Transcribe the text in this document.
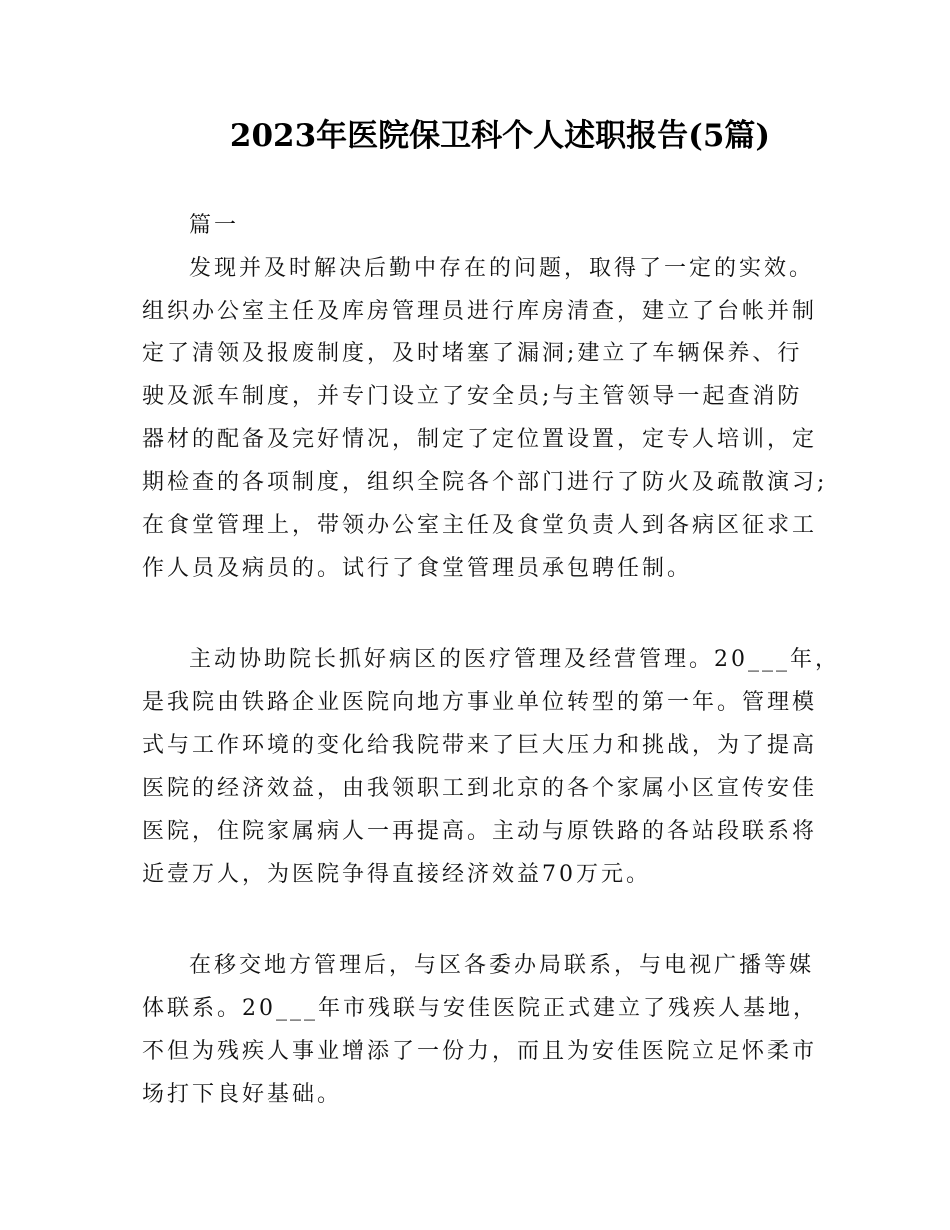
2023年医院保卫科个人述职报告(5篇)
篇一
发现并及时解决后勤中存在的问题，取得了一定的实效。
组织办公室主任及库房管理员进行库房清查，建立了台帐并制
定了清领及报废制度，及时堵塞了漏洞;建立了车辆保养、行
驶及派车制度，并专门设立了安全员;与主管领导一起查消防
器材的配备及完好情况，制定了定位置设置，定专人培训，定
期检查的各项制度，组织全院各个部门进行了防火及疏散演习;
在食堂管理上，带领办公室主任及食堂负责人到各病区征求工
作人员及病员的。试行了食堂管理员承包聘任制。
主动协助院长抓好病区的医疗管理及经营管理。20___年，
是我院由铁路企业医院向地方事业单位转型的第一年。管理模
式与工作环境的变化给我院带来了巨大压力和挑战，为了提高
医院的经济效益，由我领职工到北京的各个家属小区宣传安佳
医院，住院家属病人一再提高。主动与原铁路的各站段联系将
近壹万人，为医院争得直接经济效益70万元。
在移交地方管理后，与区各委办局联系，与电视广播等媒
体联系。20___年市残联与安佳医院正式建立了残疾人基地，
不但为残疾人事业增添了一份力，而且为安佳医院立足怀柔市
场打下良好基础。
